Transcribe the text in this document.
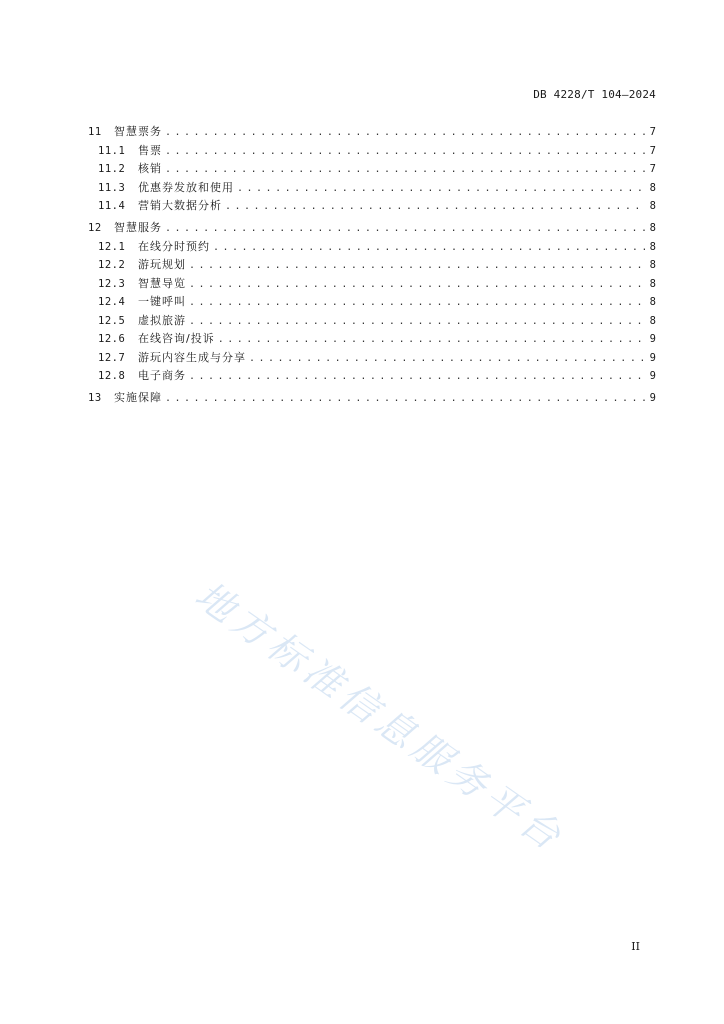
DB 4228/T 104—2024
11	智慧票务 .....	7
11.1	售票 .....	7
11.2	核销 .....	7
11.3	优惠券发放和使用 .....	8
11.4	营销大数据分析 .....	8
12	智慧服务 .....	8
12.1	在线分时预约 .....	8
12.2	游玩规划 .....	8
12.3	智慧导览 .....	8
12.4	一键呼叫 .....	8
12.5	虚拟旅游 .....	8
12.6	在线咨询/投诉 .....	9
12.7	游玩内容生成与分享 .....	9
12.8	电子商务 .....	9
13	实施保障 .....	9
地方标准信息服务平台
II
